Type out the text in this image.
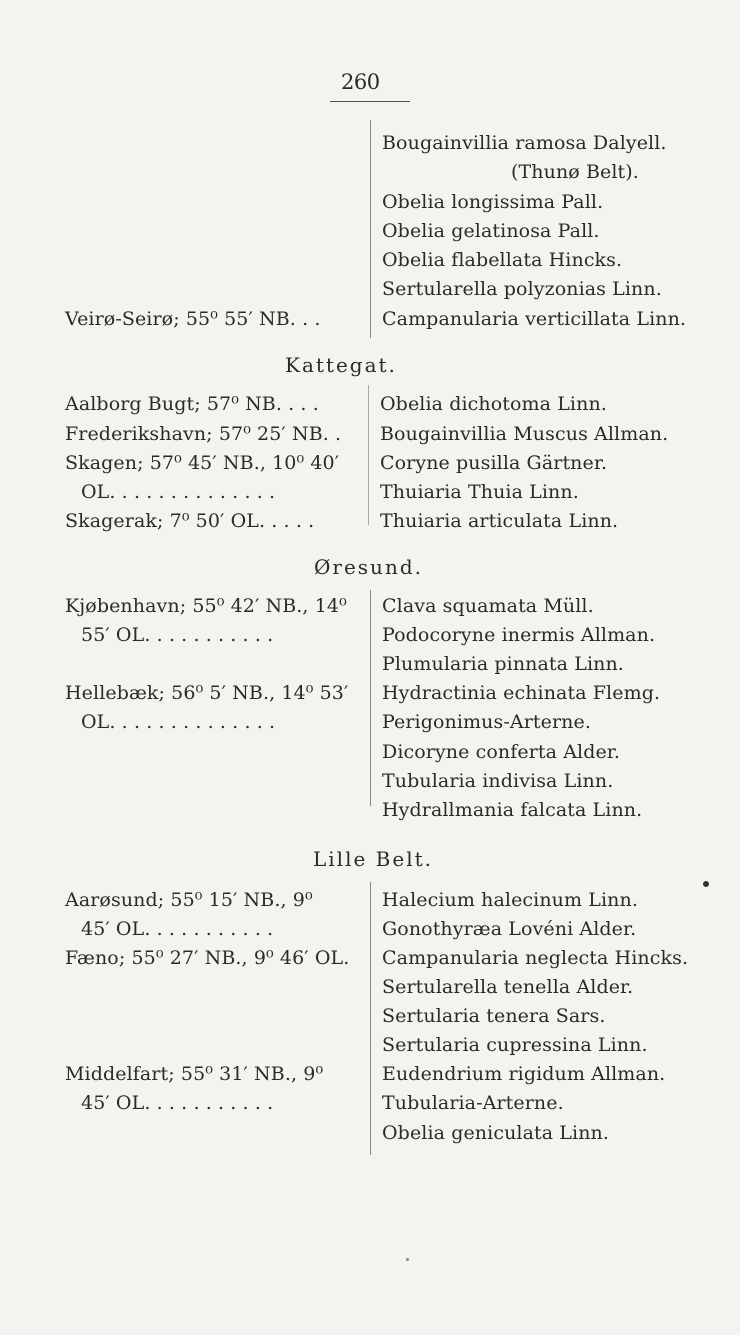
260
Bougainvillia ramosa Dalyell.
(Thunø Belt).
Obelia longissima Pall.
Obelia gelatinosa Pall.
Obelia flabellata Hincks.
Sertularella polyzonias Linn.
Campanularia verticillata Linn.
Veirø-Seirø; 55⁰ 55′ NB. . .
Kattegat.
Aalborg Bugt; 57⁰ NB. . . .
Frederikshavn; 57⁰ 25′ NB. .
Skagen; 57⁰ 45′ NB., 10⁰ 40′
OL. . . . . . . . . . . . . .
Skagerak; 7⁰ 50′ OL. . . . .
Obelia dichotoma Linn.
Bougainvillia Muscus Allman.
Coryne pusilla Gärtner.
Thuiaria Thuia Linn.
Thuiaria articulata Linn.
Øresund.
Kjøbenhavn; 55⁰ 42′ NB., 14⁰
55′ OL. . . . . . . . . . .
Hellebæk; 56⁰ 5′ NB., 14⁰ 53′
OL. . . . . . . . . . . . . .
Clava squamata Müll.
Podocoryne inermis Allman.
Plumularia pinnata Linn.
Hydractinia echinata Flemg.
Perigonimus-Arterne.
Dicoryne conferta Alder.
Tubularia indivisa Linn.
Hydrallmania falcata Linn.
Lille Belt.
Aarøsund; 55⁰ 15′ NB., 9⁰
45′ OL. . . . . . . . . . .
Fæno; 55⁰ 27′ NB., 9⁰ 46′ OL.
Middelfart; 55⁰ 31′ NB., 9⁰
45′ OL. . . . . . . . . . .
Halecium halecinum Linn.
Gonothyræa Lovéni Alder.
Campanularia neglecta Hincks.
Sertularella tenella Alder.
Sertularia tenera Sars.
Sertularia cupressina Linn.
Eudendrium rigidum Allman.
Tubularia-Arterne.
Obelia geniculata Linn.
